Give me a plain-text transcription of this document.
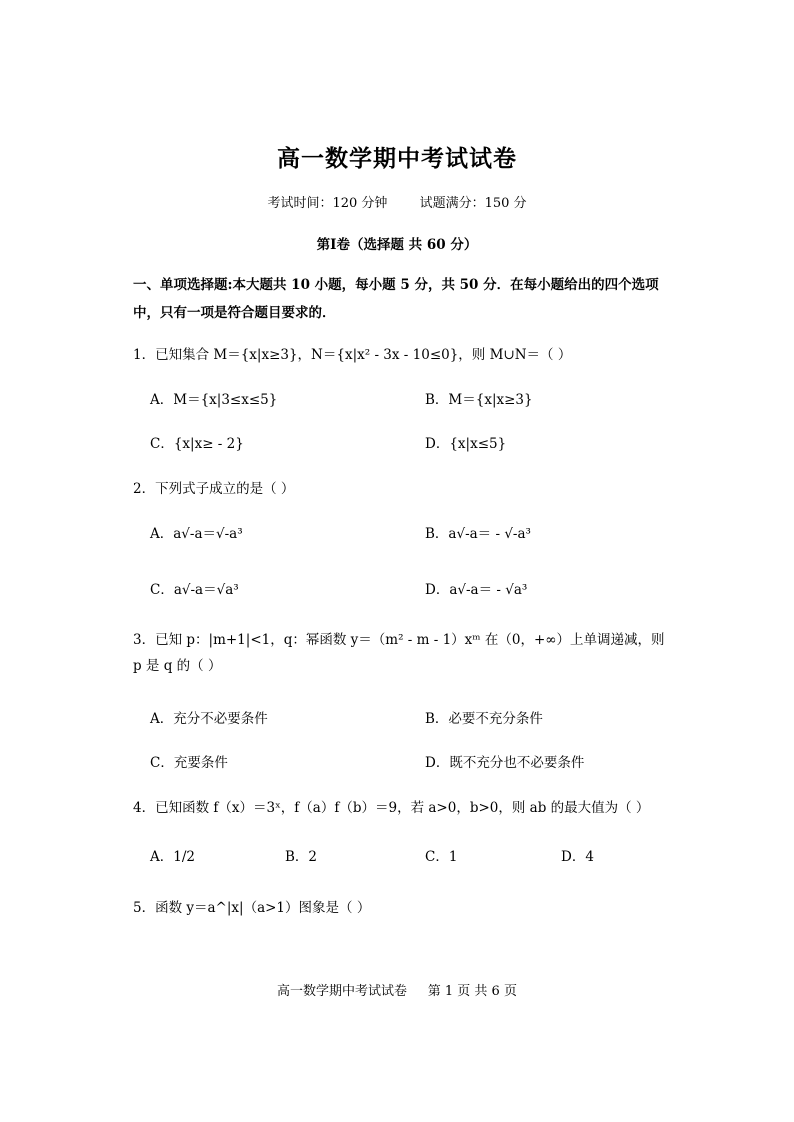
高一数学期中考试试卷
考试时间：120 分钟 试题满分：150 分
第Ⅰ卷（选择题 共 60 分）
一、单项选择题:本大题共 10 小题，每小题 5 分，共 50 分．在每小题给出的四个选项中，只有一项是符合题目要求的．
1．已知集合 M＝{x|x≥3}，N＝{x|x² - 3x - 10≤0}，则 M∪N＝（ ）
A．M＝{x|3≤x≤5}	B．M＝{x|x≥3}
C．{x|x≥ - 2}	D．{x|x≤5}
2．下列式子成立的是（ ）
A．a√-a＝√-a³	B．a√-a＝ - √-a³
C．a√-a＝√a³	D．a√-a＝ - √a³
3．已知 p：|m+1|<1，q：幂函数 y＝（m² - m - 1）xᵐ 在（0，+∞）上单调递减，则 p 是 q 的（ ）
A．充分不必要条件	B．必要不充分条件
C．充要条件	D．既不充分也不必要条件
4．已知函数 f（x）＝3ˣ，f（a）f（b）＝9，若 a>0，b>0，则 ab 的最大值为（ ）
A．1/2	B．2	C．1	D．4
5．函数 y＝a^|x|（a>1）图象是（ ）
高一数学期中考试试卷 第 1 页 共 6 页
